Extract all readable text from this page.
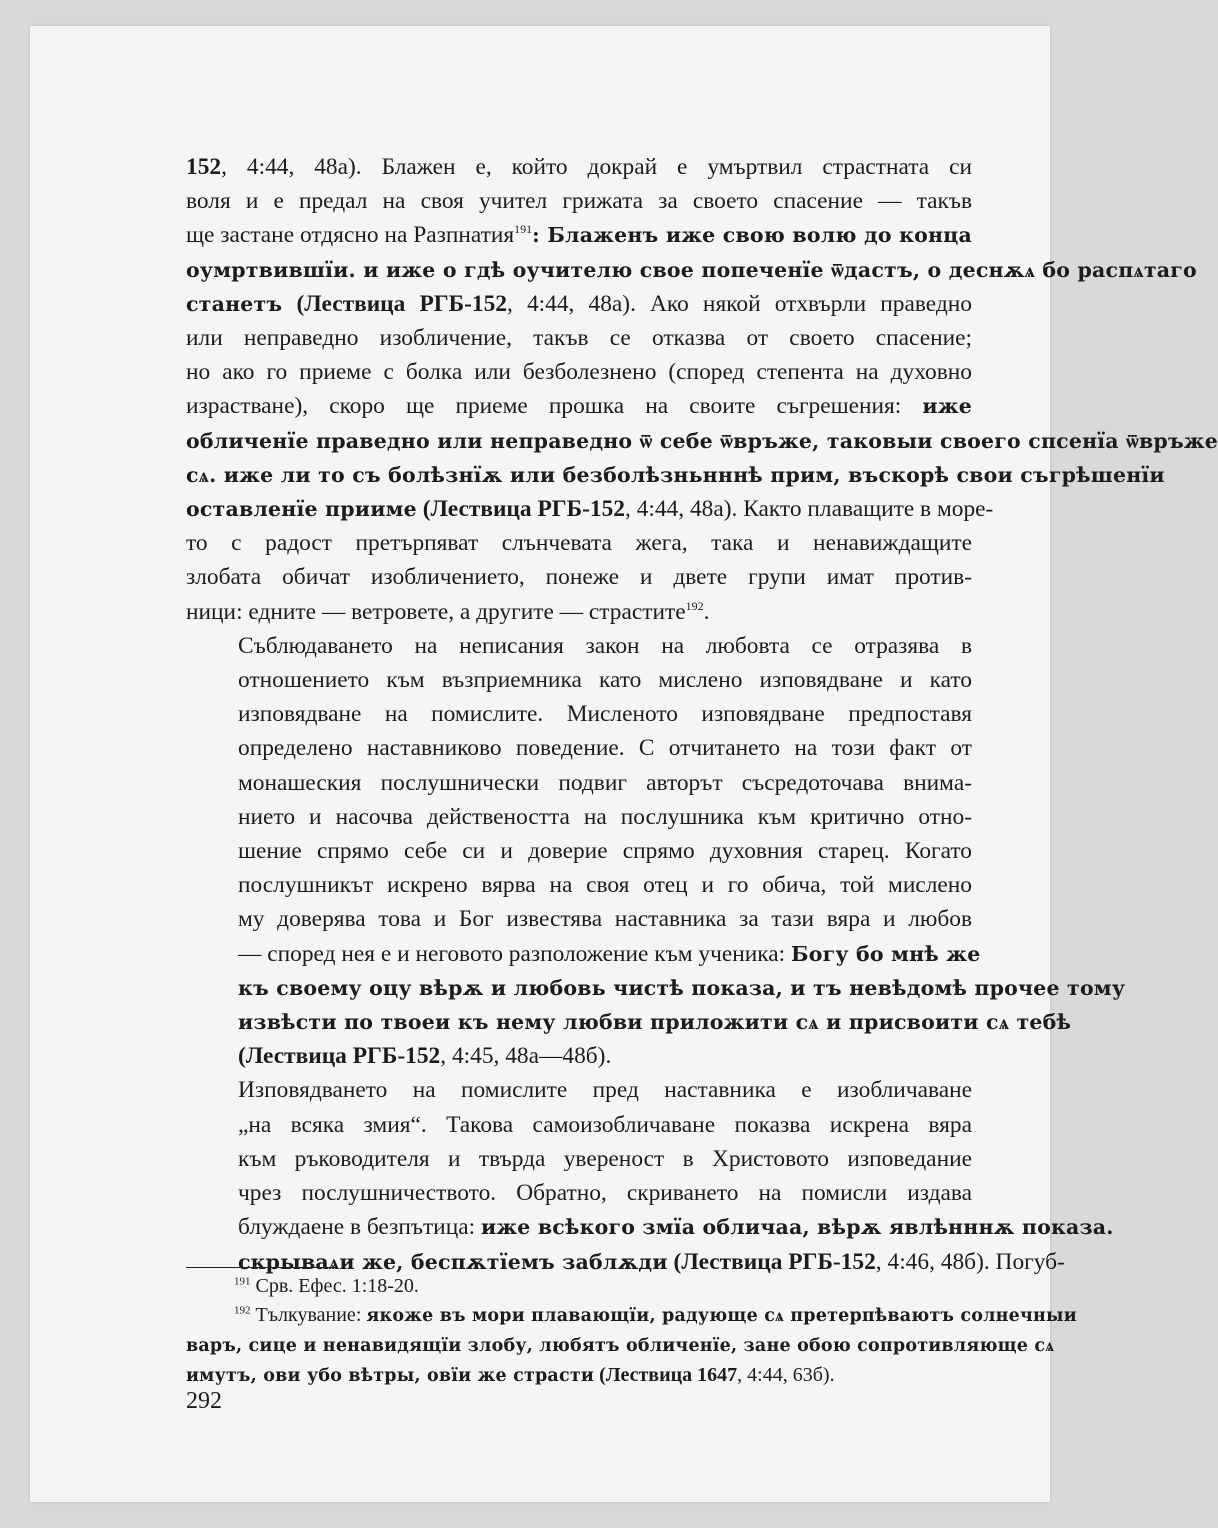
152, 4:44, 48а). Блажен е, който докрай е умъртвил страстната си
воля и е предал на своя учител грижата за своето спасение — такъв
ще застане отдясно на Разпнатия$^{191}$: Блаженъ иже свою волю до конца
оумртвившїи. и иже о гдѣ оучителю свое попеченїе ѿдастъ, о деснѫѧ бо распѧтаго
станетъ (Лествица РГБ-152, 4:44, 48а). Ако някой отхвърли праведно
или неправедно изобличение, такъв се отказва от своето спасение;
но ако го приеме с болка или безболезнено (според степента на духовно
израстване), скоро ще приеме прошка на своите съгрешения: иже
обличенїе праведно или неправедно ѿ себе ѿвръже, таковыи своего спсенїа ѿвръже
сѧ. иже ли то съ болѣзнїѫ или безболѣзньнннѣ прим, въскорѣ свои съгрѣшенїи
оставленїе прииме (Лествица РГБ-152, 4:44, 48а). Както плаващите в море-
то с радост претърпяват слънчевата жега, така и ненавиждащите
злобата обичат изобличението, понеже и двете групи имат против-
ници: едните — ветровете, а другите — страстите$^{192}$.

Съблюдаването на неписания закон на любовта се отразява в
отношението към възприемника като мислено изповядване и като
изповядване на помислите. Мисленото изповядване предпоставя
определено наставниково поведение. С отчитането на този факт от
монашеския послушнически подвиг авторът съсредоточава внима-
нието и насочва действеността на послушника към критично отно-
шение спрямо себе си и доверие спрямо духовния старец. Когато
послушникът искрено вярва на своя отец и го обича, той мислено
му доверява това и Бог известява наставника за тази вяра и любов
— според нея е и неговото разположение към ученика: Богу бо мнѣ же
къ своему оцу вѣрѫ и любовь чистѣ показа, и тъ невѣдомѣ прочее тому
извѣсти по твоеи къ нему любви приложити сѧ и присвоити сѧ тебѣ
(Лествица РГБ-152, 4:45, 48а—48б).

Изповядването на помислите пред наставника е изобличаване
„на всяка змия“. Такова самоизобличаване показва искрена вяра
към ръководителя и твърда увереност в Христовото изповедание
чрез послушничеството. Обратно, скриването на помисли издава
блуждаене в безпътица: иже всѣкого змїа обличаа, вѣрѫ явлѣнннѫ показа.
скрываѧи же, беспѫтїемъ заблѫди (Лествица РГБ-152, 4:46, 48б). Погуб-

$^{191}$ Срв. Ефес. 1:18-20.

$^{192}$ Тълкувание: якоже въ мори плавающїи, радующе сѧ претерпѣваютъ солнечныи
варъ, сице и ненавидящїи злобу, любятъ обличенїе, зане обою сопротивляюще сѧ
имутъ, ови убо вѣтры, овїи же страсти (Лествица 1647, 4:44, 63б).

292
